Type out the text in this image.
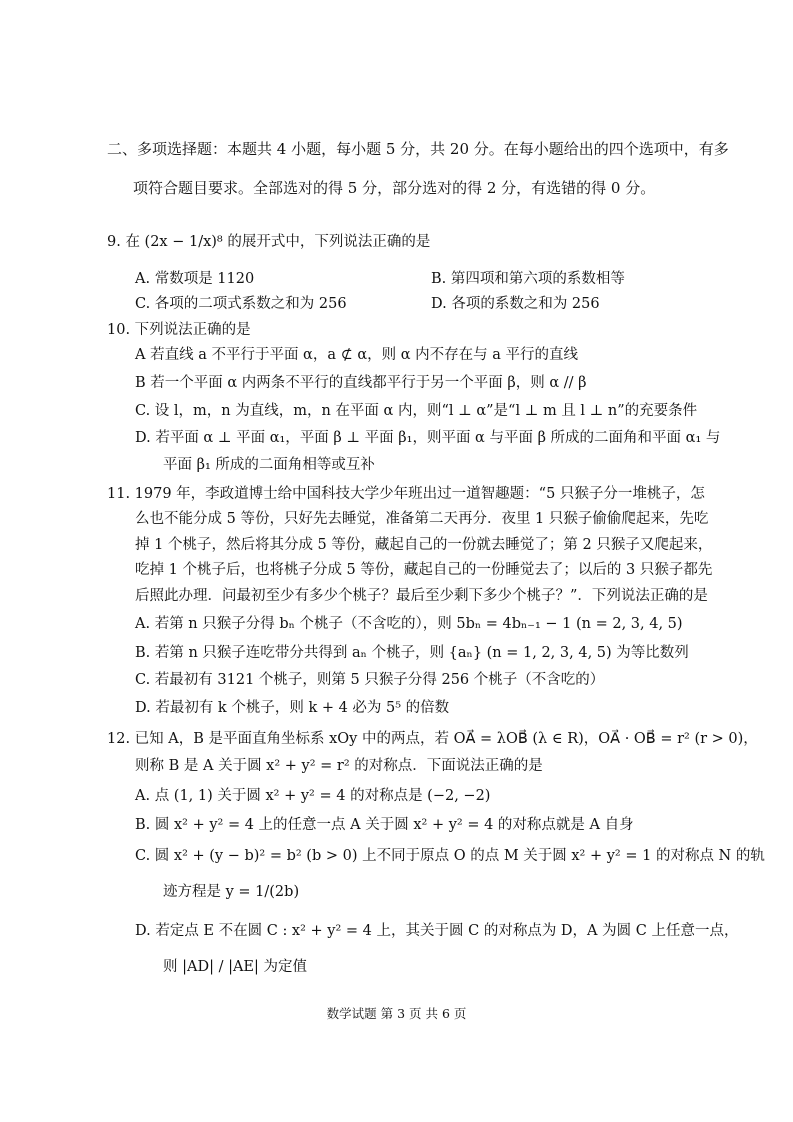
二、多项选择题：本题共 4 小题，每小题 5 分，共 20 分。在每小题给出的四个选项中，有多
项符合题目要求。全部选对的得 5 分，部分选对的得 2 分，有选错的得 0 分。
9. 在 (2x − 1/x)⁸ 的展开式中，下列说法正确的是
A. 常数项是 1120	B. 第四项和第六项的系数相等
C. 各项的二项式系数之和为 256	D. 各项的系数之和为 256
10. 下列说法正确的是
A 若直线 a 不平行于平面 α，a ⊄ α，则 α 内不存在与 a 平行的直线
B 若一个平面 α 内两条不平行的直线都平行于另一个平面 β，则 α // β
C. 设 l，m，n 为直线，m，n 在平面 α 内，则“l ⊥ α”是“l ⊥ m 且 l ⊥ n”的充要条件
D. 若平面 α ⊥ 平面 α₁，平面 β ⊥ 平面 β₁，则平面 α 与平面 β 所成的二面角和平面 α₁ 与
平面 β₁ 所成的二面角相等或互补
11. 1979 年，李政道博士给中国科技大学少年班出过一道智趣题：“5 只猴子分一堆桃子，怎
么也不能分成 5 等份，只好先去睡觉，准备第二天再分．夜里 1 只猴子偷偷爬起来，先吃
掉 1 个桃子，然后将其分成 5 等份，藏起自己的一份就去睡觉了；第 2 只猴子又爬起来，
吃掉 1 个桃子后，也将桃子分成 5 等份，藏起自己的一份睡觉去了；以后的 3 只猴子都先
后照此办理．问最初至少有多少个桃子？最后至少剩下多少个桃子？”．下列说法正确的是
A. 若第 n 只猴子分得 bₙ 个桃子（不含吃的），则 5bₙ = 4bₙ₋₁ − 1 (n = 2, 3, 4, 5)
B. 若第 n 只猴子连吃带分共得到 aₙ 个桃子，则 {aₙ} (n = 1, 2, 3, 4, 5) 为等比数列
C. 若最初有 3121 个桃子，则第 5 只猴子分得 256 个桃子（不含吃的）
D. 若最初有 k 个桃子，则 k + 4 必为 5⁵ 的倍数
12. 已知 A，B 是平面直角坐标系 xOy 中的两点，若 OA⃗ = λOB⃗ (λ ∈ R)，OA⃗ · OB⃗ = r² (r > 0)，
则称 B 是 A 关于圆 x² + y² = r² 的对称点．下面说法正确的是
A. 点 (1, 1) 关于圆 x² + y² = 4 的对称点是 (−2, −2)
B. 圆 x² + y² = 4 上的任意一点 A 关于圆 x² + y² = 4 的对称点就是 A 自身
C. 圆 x² + (y − b)² = b² (b > 0) 上不同于原点 O 的点 M 关于圆 x² + y² = 1 的对称点 N 的轨
迹方程是 y = 1/(2b)
D. 若定点 E 不在圆 C : x² + y² = 4 上，其关于圆 C 的对称点为 D，A 为圆 C 上任意一点，
则 |AD| / |AE| 为定值
数学试题 第 3 页 共 6 页
